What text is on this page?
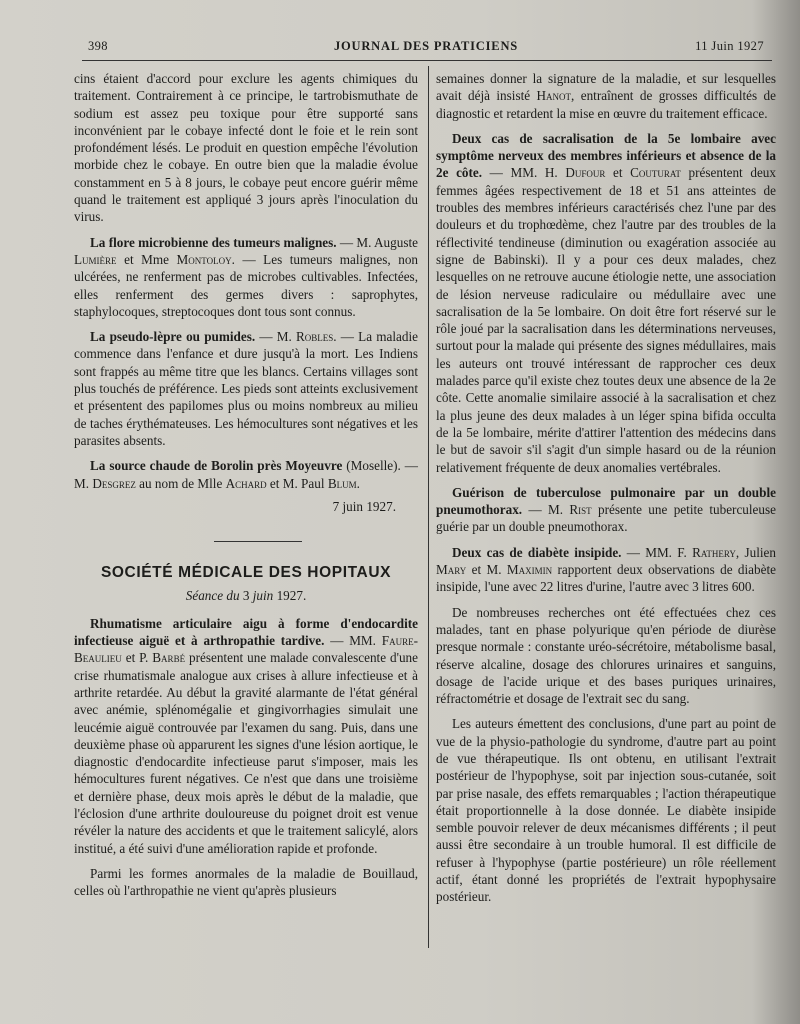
398	JOURNAL DES PRATICIENS	11 Juin 1927

cins étaient d'accord pour exclure les agents chimiques du traitement. Contrairement à ce principe, le tartrobismuthate de sodium est assez peu toxique pour être supporté sans inconvénient par le cobaye infecté dont le foie et le rein sont profondément lésés. Le produit en question empêche l'évolution morbide chez le cobaye. En outre bien que la maladie évolue constamment en 5 à 8 jours, le cobaye peut encore guérir même quand le traitement est appliqué 3 jours après l'inoculation du virus.

La flore microbienne des tumeurs malignes. — M. Auguste Lumière et Mme Montoloy. — Les tumeurs malignes, non ulcérées, ne renferment pas de microbes cultivables. Infectées, elles renferment des germes divers : saprophytes, staphylocoques, streptocoques dont tous sont connus.

La pseudo-lèpre ou pumides. — M. Robles. — La maladie commence dans l'enfance et dure jusqu'à la mort. Les Indiens sont frappés au même titre que les blancs. Certains villages sont plus touchés de préférence. Les pieds sont atteints exclusivement et présentent des papilomes plus ou moins nombreux au milieu de taches érythémateuses. Les hémocultures sont négatives et les parasites absents.

La source chaude de Borolin près Moyeuvre (Moselle). — M. Desgrez au nom de Mlle Achard et M. Paul Blum.

7 juin 1927.

SOCIÉTÉ MÉDICALE DES HOPITAUX
Séance du 3 juin 1927.

Rhumatisme articulaire aigu à forme d'endocardite infectieuse aiguë et à arthropathie tardive. — MM. Faure-Beaulieu et P. Barbé présentent une malade convalescente d'une crise rhumatismale analogue aux crises à allure infectieuse et à arthrite retardée. Au début la gravité alarmante de l'état général avec anémie, splénomégalie et gingivorrhagies simulait une leucémie aiguë controuvée par l'examen du sang. Puis, dans une deuxième phase où apparurent les signes d'une lésion aortique, le diagnostic d'endocardite infectieuse parut s'imposer, mais les hémocultures furent négatives. Ce n'est que dans une troisième et dernière phase, deux mois après le début de la maladie, que l'éclosion d'une arthrite douloureuse du poignet droit est venue révéler la nature des accidents et que le traitement salicylé, alors institué, a été suivi d'une amélioration rapide et profonde.

Parmi les formes anormales de la maladie de Bouillaud, celles où l'arthropathie ne vient qu'après plusieurs

semaines donner la signature de la maladie, et sur lesquelles avait déjà insisté Hanot, entraînent de grosses difficultés de diagnostic et retardent la mise en œuvre du traitement efficace.

Deux cas de sacralisation de la 5e lombaire avec symptôme nerveux des membres inférieurs et absence de la 2e côte. — MM. H. Dufour et Couturat présentent deux femmes âgées respectivement de 18 et 51 ans atteintes de troubles des membres inférieurs caractérisés chez l'une par des douleurs et du trophœdème, chez l'autre par des troubles de la réflectivité tendineuse (diminution ou exagération associée au signe de Babinski). Il y a pour ces deux malades, chez lesquelles on ne retrouve aucune étiologie nette, une association de lésion nerveuse radiculaire ou médullaire avec une sacralisation de la 5e lombaire. On doit être fort réservé sur le rôle joué par la sacralisation dans les déterminations nerveuses, surtout pour la malade qui présente des signes médullaires, mais les auteurs ont trouvé intéressant de rapprocher ces deux malades parce qu'il existe chez toutes deux une absence de la 2e côte. Cette anomalie similaire associé à la sacralisation et chez la plus jeune des deux malades à un léger spina bifida occulta de la 5e lombaire, mérite d'attirer l'attention des médecins dans le but de savoir s'il s'agit d'un simple hasard ou de la réunion relativement fréquente de deux anomalies vertébrales.

Guérison de tuberculose pulmonaire par un double pneumothorax. — M. Rist présente une petite tuberculeuse guérie par un double pneumothorax.

Deux cas de diabète insipide. — MM. F. Rathery, Julien Mary et M. Maximin rapportent deux observations de diabète insipide, l'une avec 22 litres d'urine, l'autre avec 3 litres 600.

De nombreuses recherches ont été effectuées chez ces malades, tant en phase polyurique qu'en période de diurèse presque normale : constante uréo-sécrétoire, métabolisme basal, réserve alcaline, dosage des chlorures urinaires et sanguins, dosage de l'acide urique et des bases puriques urinaires, réfractométrie et dosage de l'extrait sec du sang.

Les auteurs émettent des conclusions, d'une part au point de vue de la physio-pathologie du syndrome, d'autre part au point de vue thérapeutique. Ils ont obtenu, en utilisant l'extrait postérieur de l'hypophyse, soit par injection sous-cutanée, soit par prise nasale, des effets remarquables ; l'action thérapeutique était proportionnelle à la dose donnée. Le diabète insipide semble pouvoir relever de deux mécanismes différents ; il peut aussi être secondaire à un trouble humoral. Il est difficile de refuser à l'hypophyse (partie postérieure) un rôle réellement actif, étant donné les propriétés de l'extrait hypophysaire postérieur.
